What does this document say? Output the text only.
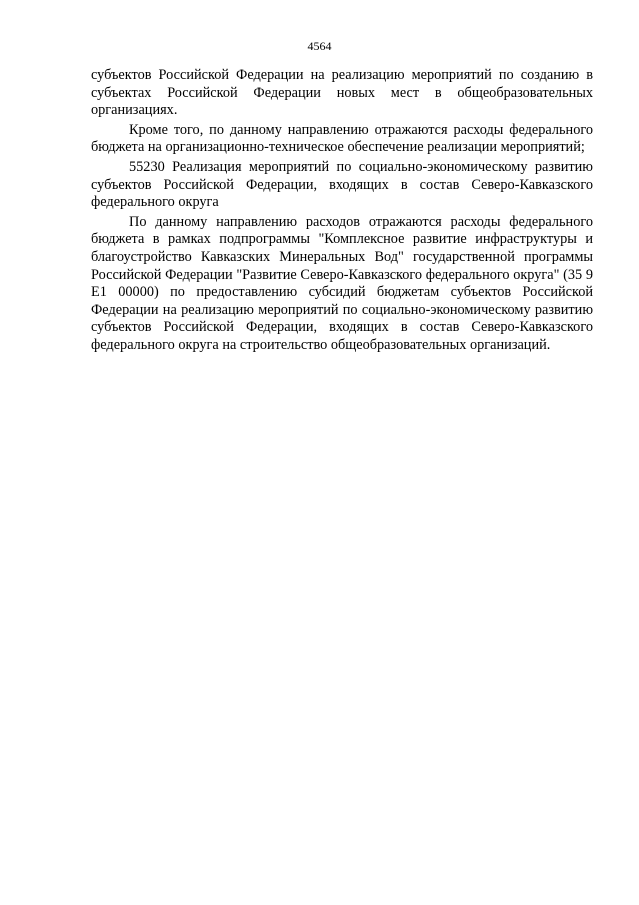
4564

субъектов Российской Федерации на реализацию мероприятий по созданию в субъектах Российской Федерации новых мест в общеобразовательных организациях.

Кроме того, по данному направлению отражаются расходы федерального бюджета на организационно-техническое обеспечение реализации мероприятий;

55230 Реализация мероприятий по социально-экономическому развитию субъектов Российской Федерации, входящих в состав Северо-Кавказского федерального округа

По данному направлению расходов отражаются расходы федерального бюджета в рамках подпрограммы "Комплексное развитие инфраструктуры и благоустройство Кавказских Минеральных Вод" государственной программы Российской Федерации "Развитие Северо-Кавказского федерального округа" (35 9 Е1 00000) по предоставлению субсидий бюджетам субъектов Российской Федерации на реализацию мероприятий по социально-экономическому развитию субъектов Российской Федерации, входящих в состав Северо-Кавказского федерального округа на строительство общеобразовательных организаций.
